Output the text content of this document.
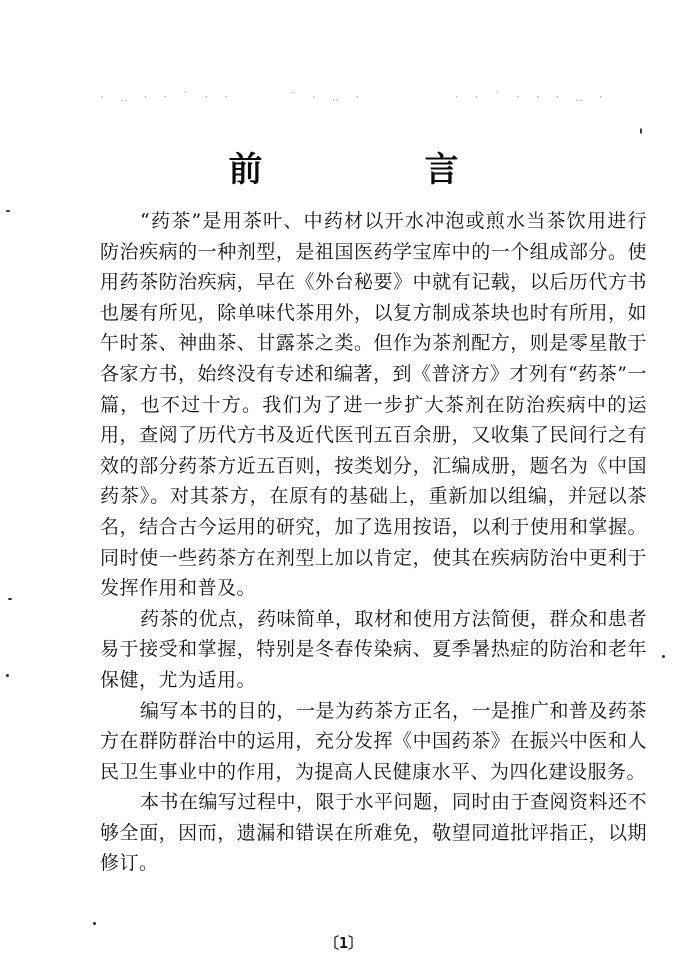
· ‥ · · ˙ · ·	˙ · ‥ ·	· · ˙ · · · ‥ ·
前　言

“药茶”是用茶叶、中药材以开水冲泡或煎水当茶饮用进行防治疾病的一种剂型，是祖国医药学宝库中的一个组成部分。使用药茶防治疾病，早在《外台秘要》中就有记载，以后历代方书也屡有所见，除单味代茶用外，以复方制成茶块也时有所用，如午时茶、神曲茶、甘露茶之类。但作为茶剂配方，则是零星散于各家方书，始终没有专述和编著，到《普济方》才列有“药茶”一篇，也不过十方。我们为了进一步扩大茶剂在防治疾病中的运用，查阅了历代方书及近代医刊五百余册，又收集了民间行之有效的部分药茶方近五百则，按类划分，汇编成册，题名为《中国药茶》。对其茶方，在原有的基础上，重新加以组编，并冠以茶名，结合古今运用的研究，加了选用按语，以利于使用和掌握。同时使一些药茶方在剂型上加以肯定，使其在疾病防治中更利于发挥作用和普及。

药茶的优点，药味简单，取材和使用方法简便，群众和患者易于接受和掌握，特别是冬春传染病、夏季暑热症的防治和老年保健，尤为适用。

编写本书的目的，一是为药茶方正名，一是推广和普及药茶方在群防群治中的运用，充分发挥《中国药茶》在振兴中医和人民卫生事业中的作用，为提高人民健康水平、为四化建设服务。

本书在编写过程中，限于水平问题，同时由于查阅资料还不够全面，因而，遗漏和错误在所难免，敬望同道批评指正，以期修订。

〔1〕
